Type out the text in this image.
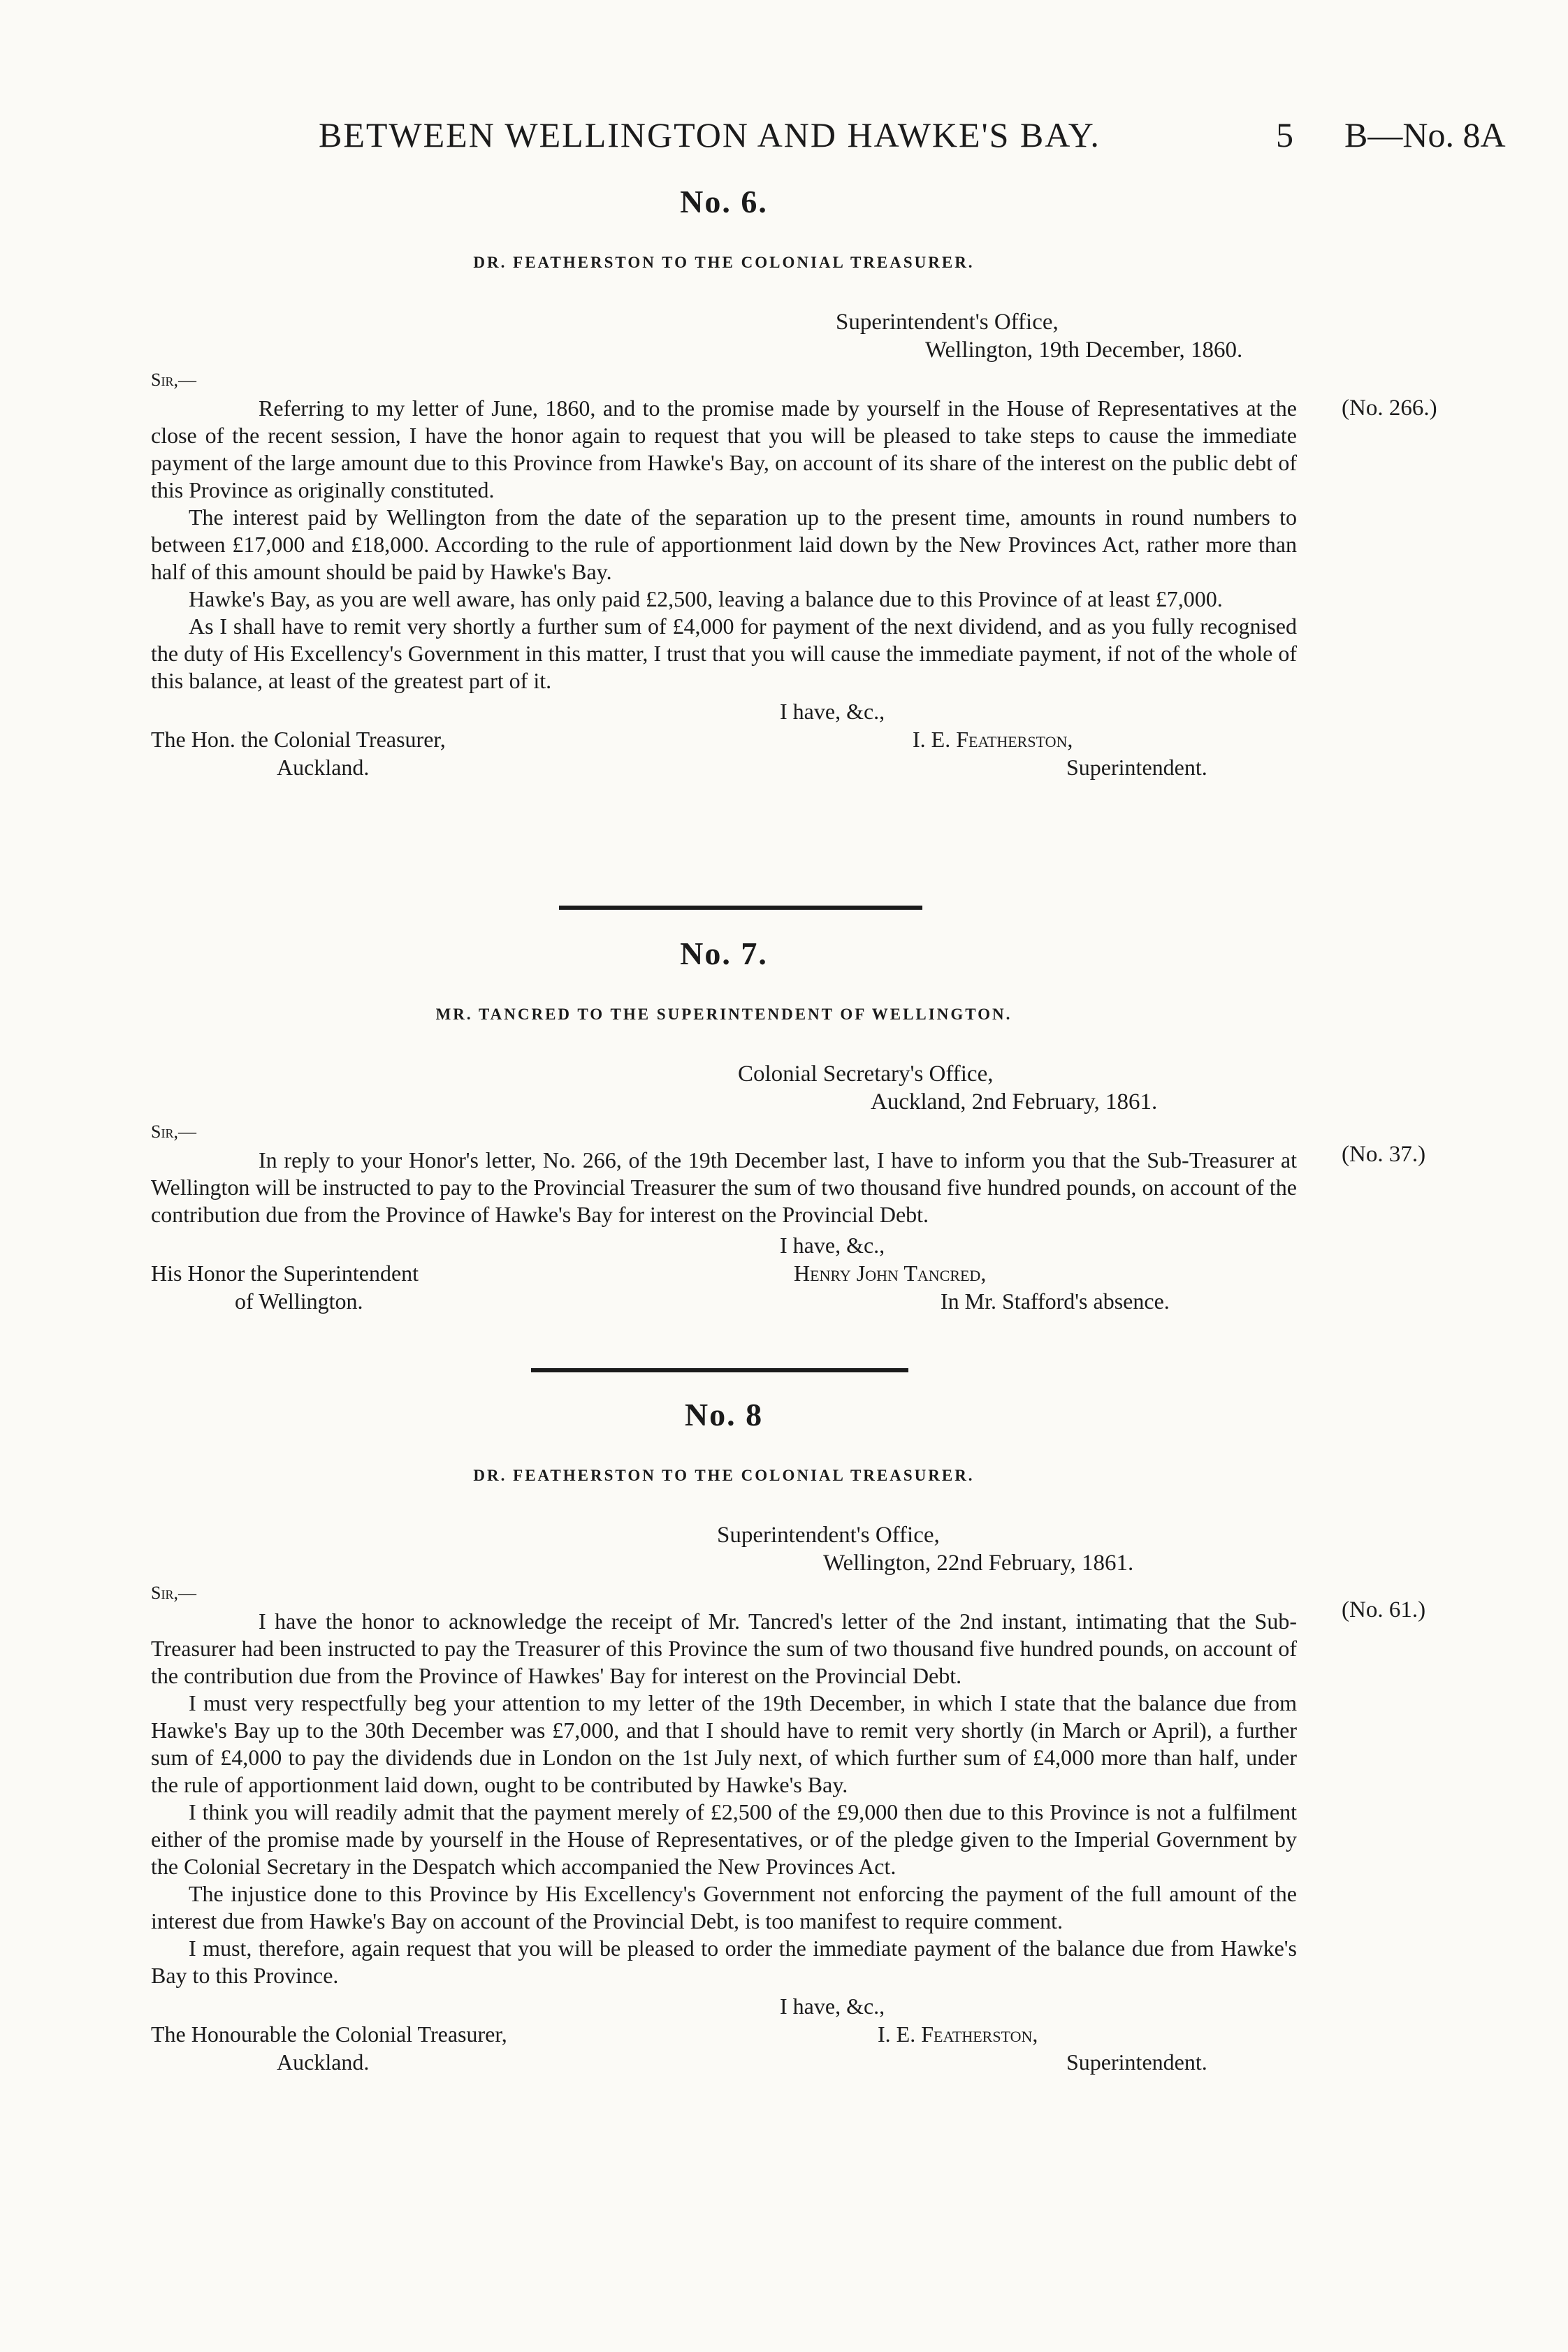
BETWEEN WELLINGTON AND HAWKE'S BAY.	5 B—No. 8A
No. 6.
DR. FEATHERSTON TO THE COLONIAL TREASURER.
Superintendent's Office,
Wellington, 19th December, 1860.
Sir,—

Referring to my letter of June, 1860, and to the promise made by yourself in the House of Representatives at the close of the recent session, I have the honor again to request that you will be pleased to take steps to cause the immediate payment of the large amount due to this Province from Hawke's Bay, on account of its share of the interest on the public debt of this Province as originally constituted.

The interest paid by Wellington from the date of the separation up to the present time, amounts in round numbers to between £17,000 and £18,000. According to the rule of apportionment laid down by the New Provinces Act, rather more than half of this amount should be paid by Hawke's Bay.

Hawke's Bay, as you are well aware, has only paid £2,500, leaving a balance due to this Province of at least £7,000.

As I shall have to remit very shortly a further sum of £4,000 for payment of the next dividend, and as you fully recognised the duty of His Excellency's Government in this matter, I trust that you will cause the immediate payment, if not of the whole of this balance, at least of the greatest part of it.

I have, &c.,
The Hon. the Colonial Treasurer,
Auckland.
I. E. Featherston,
Superintendent.
(No. 266.)
No. 7.
MR. TANCRED TO THE SUPERINTENDENT OF WELLINGTON.
Colonial Secretary's Office,
Auckland, 2nd February, 1861.
Sir,—

In reply to your Honor's letter, No. 266, of the 19th December last, I have to inform you that the Sub-Treasurer at Wellington will be instructed to pay to the Provincial Treasurer the sum of two thousand five hundred pounds, on account of the contribution due from the Province of Hawke's Bay for interest on the Provincial Debt.

I have, &c.,
His Honor the Superintendent
of Wellington.
Henry John Tancred,
In Mr. Stafford's absence.
(No. 37.)
No. 8
DR. FEATHERSTON TO THE COLONIAL TREASURER.
Superintendent's Office,
Wellington, 22nd February, 1861.
Sir,—

I have the honor to acknowledge the receipt of Mr. Tancred's letter of the 2nd instant, intimating that the Sub-Treasurer had been instructed to pay the Treasurer of this Province the sum of two thousand five hundred pounds, on account of the contribution due from the Province of Hawkes' Bay for interest on the Provincial Debt.

I must very respectfully beg your attention to my letter of the 19th December, in which I state that the balance due from Hawke's Bay up to the 30th December was £7,000, and that I should have to remit very shortly (in March or April), a further sum of £4,000 to pay the dividends due in London on the 1st July next, of which further sum of £4,000 more than half, under the rule of apportionment laid down, ought to be contributed by Hawke's Bay.

I think you will readily admit that the payment merely of £2,500 of the £9,000 then due to this Province is not a fulfilment either of the promise made by yourself in the House of Representatives, or of the pledge given to the Imperial Government by the Colonial Secretary in the Despatch which accompanied the New Provinces Act.

The injustice done to this Province by His Excellency's Government not enforcing the payment of the full amount of the interest due from Hawke's Bay on account of the Provincial Debt, is too manifest to require comment.

I must, therefore, again request that you will be pleased to order the immediate payment of the balance due from Hawke's Bay to this Province.

I have, &c.,
The Honourable the Colonial Treasurer,
Auckland.
I. E. Featherston,
Superintendent.
(No. 61.)
